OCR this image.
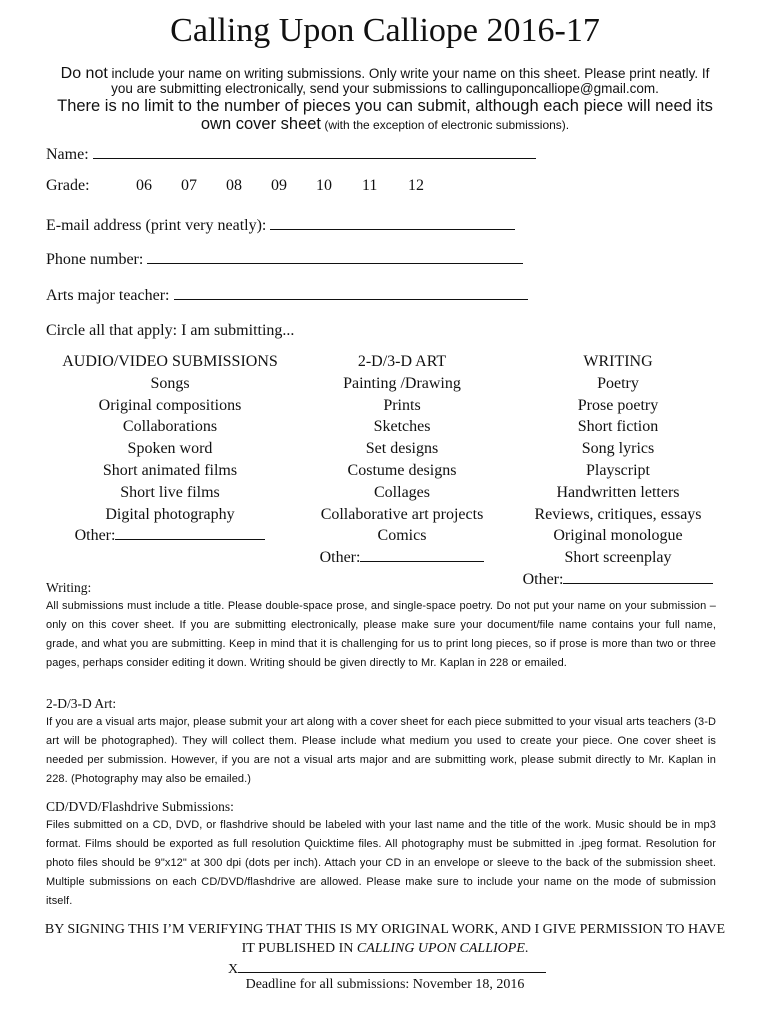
Calling Upon Calliope 2016-17
Do not include your name on writing submissions. Only write your name on this sheet. Please print neatly. If you are submitting electronically, send your submissions to callinguponcalliope@gmail.com.
There is no limit to the number of pieces you can submit, although each piece will need its own cover sheet (with the exception of electronic submissions).
Name:
Grade:	06 07 08 09 10 11 12
E-mail address (print very neatly):
Phone number:
Arts major teacher:
Circle all that apply: I am submitting...
AUDIO/VIDEO SUBMISSIONS
Songs
Original compositions
Collaborations
Spoken word
Short animated films
Short live films
Digital photography
Other:
2-D/3-D ART
Painting /Drawing
Prints
Sketches
Set designs
Costume designs
Collages
Collaborative art projects
Comics
Other:
WRITING
Poetry
Prose poetry
Short fiction
Song lyrics
Playscript
Handwritten letters
Reviews, critiques, essays
Original monologue
Short screenplay
Other:
Writing:
All submissions must include a title. Please double-space prose, and single-space poetry. Do not put your name on your submission – only on this cover sheet. If you are submitting electronically, please make sure your document/file name contains your full name, grade, and what you are submitting. Keep in mind that it is challenging for us to print long pieces, so if prose is more than two or three pages, perhaps consider editing it down. Writing should be given directly to Mr. Kaplan in 228 or emailed.
2-D/3-D Art:
If you are a visual arts major, please submit your art along with a cover sheet for each piece submitted to your visual arts teachers (3-D art will be photographed). They will collect them. Please include what medium you used to create your piece. One cover sheet is needed per submission. However, if you are not a visual arts major and are submitting work, please submit directly to Mr. Kaplan in 228. (Photography may also be emailed.)
CD/DVD/Flashdrive Submissions:
Files submitted on a CD, DVD, or flashdrive should be labeled with your last name and the title of the work. Music should be in mp3 format. Films should be exported as full resolution Quicktime files. All photography must be submitted in .jpeg format. Resolution for photo files should be 9"x12" at 300 dpi (dots per inch). Attach your CD in an envelope or sleeve to the back of the submission sheet. Multiple submissions on each CD/DVD/flashdrive are allowed. Please make sure to include your name on the mode of submission itself.
BY SIGNING THIS I’M VERIFYING THAT THIS IS MY ORIGINAL WORK, AND I GIVE PERMISSION TO HAVE IT PUBLISHED IN CALLING UPON CALLIOPE.
X
Deadline for all submissions: November 18, 2016
